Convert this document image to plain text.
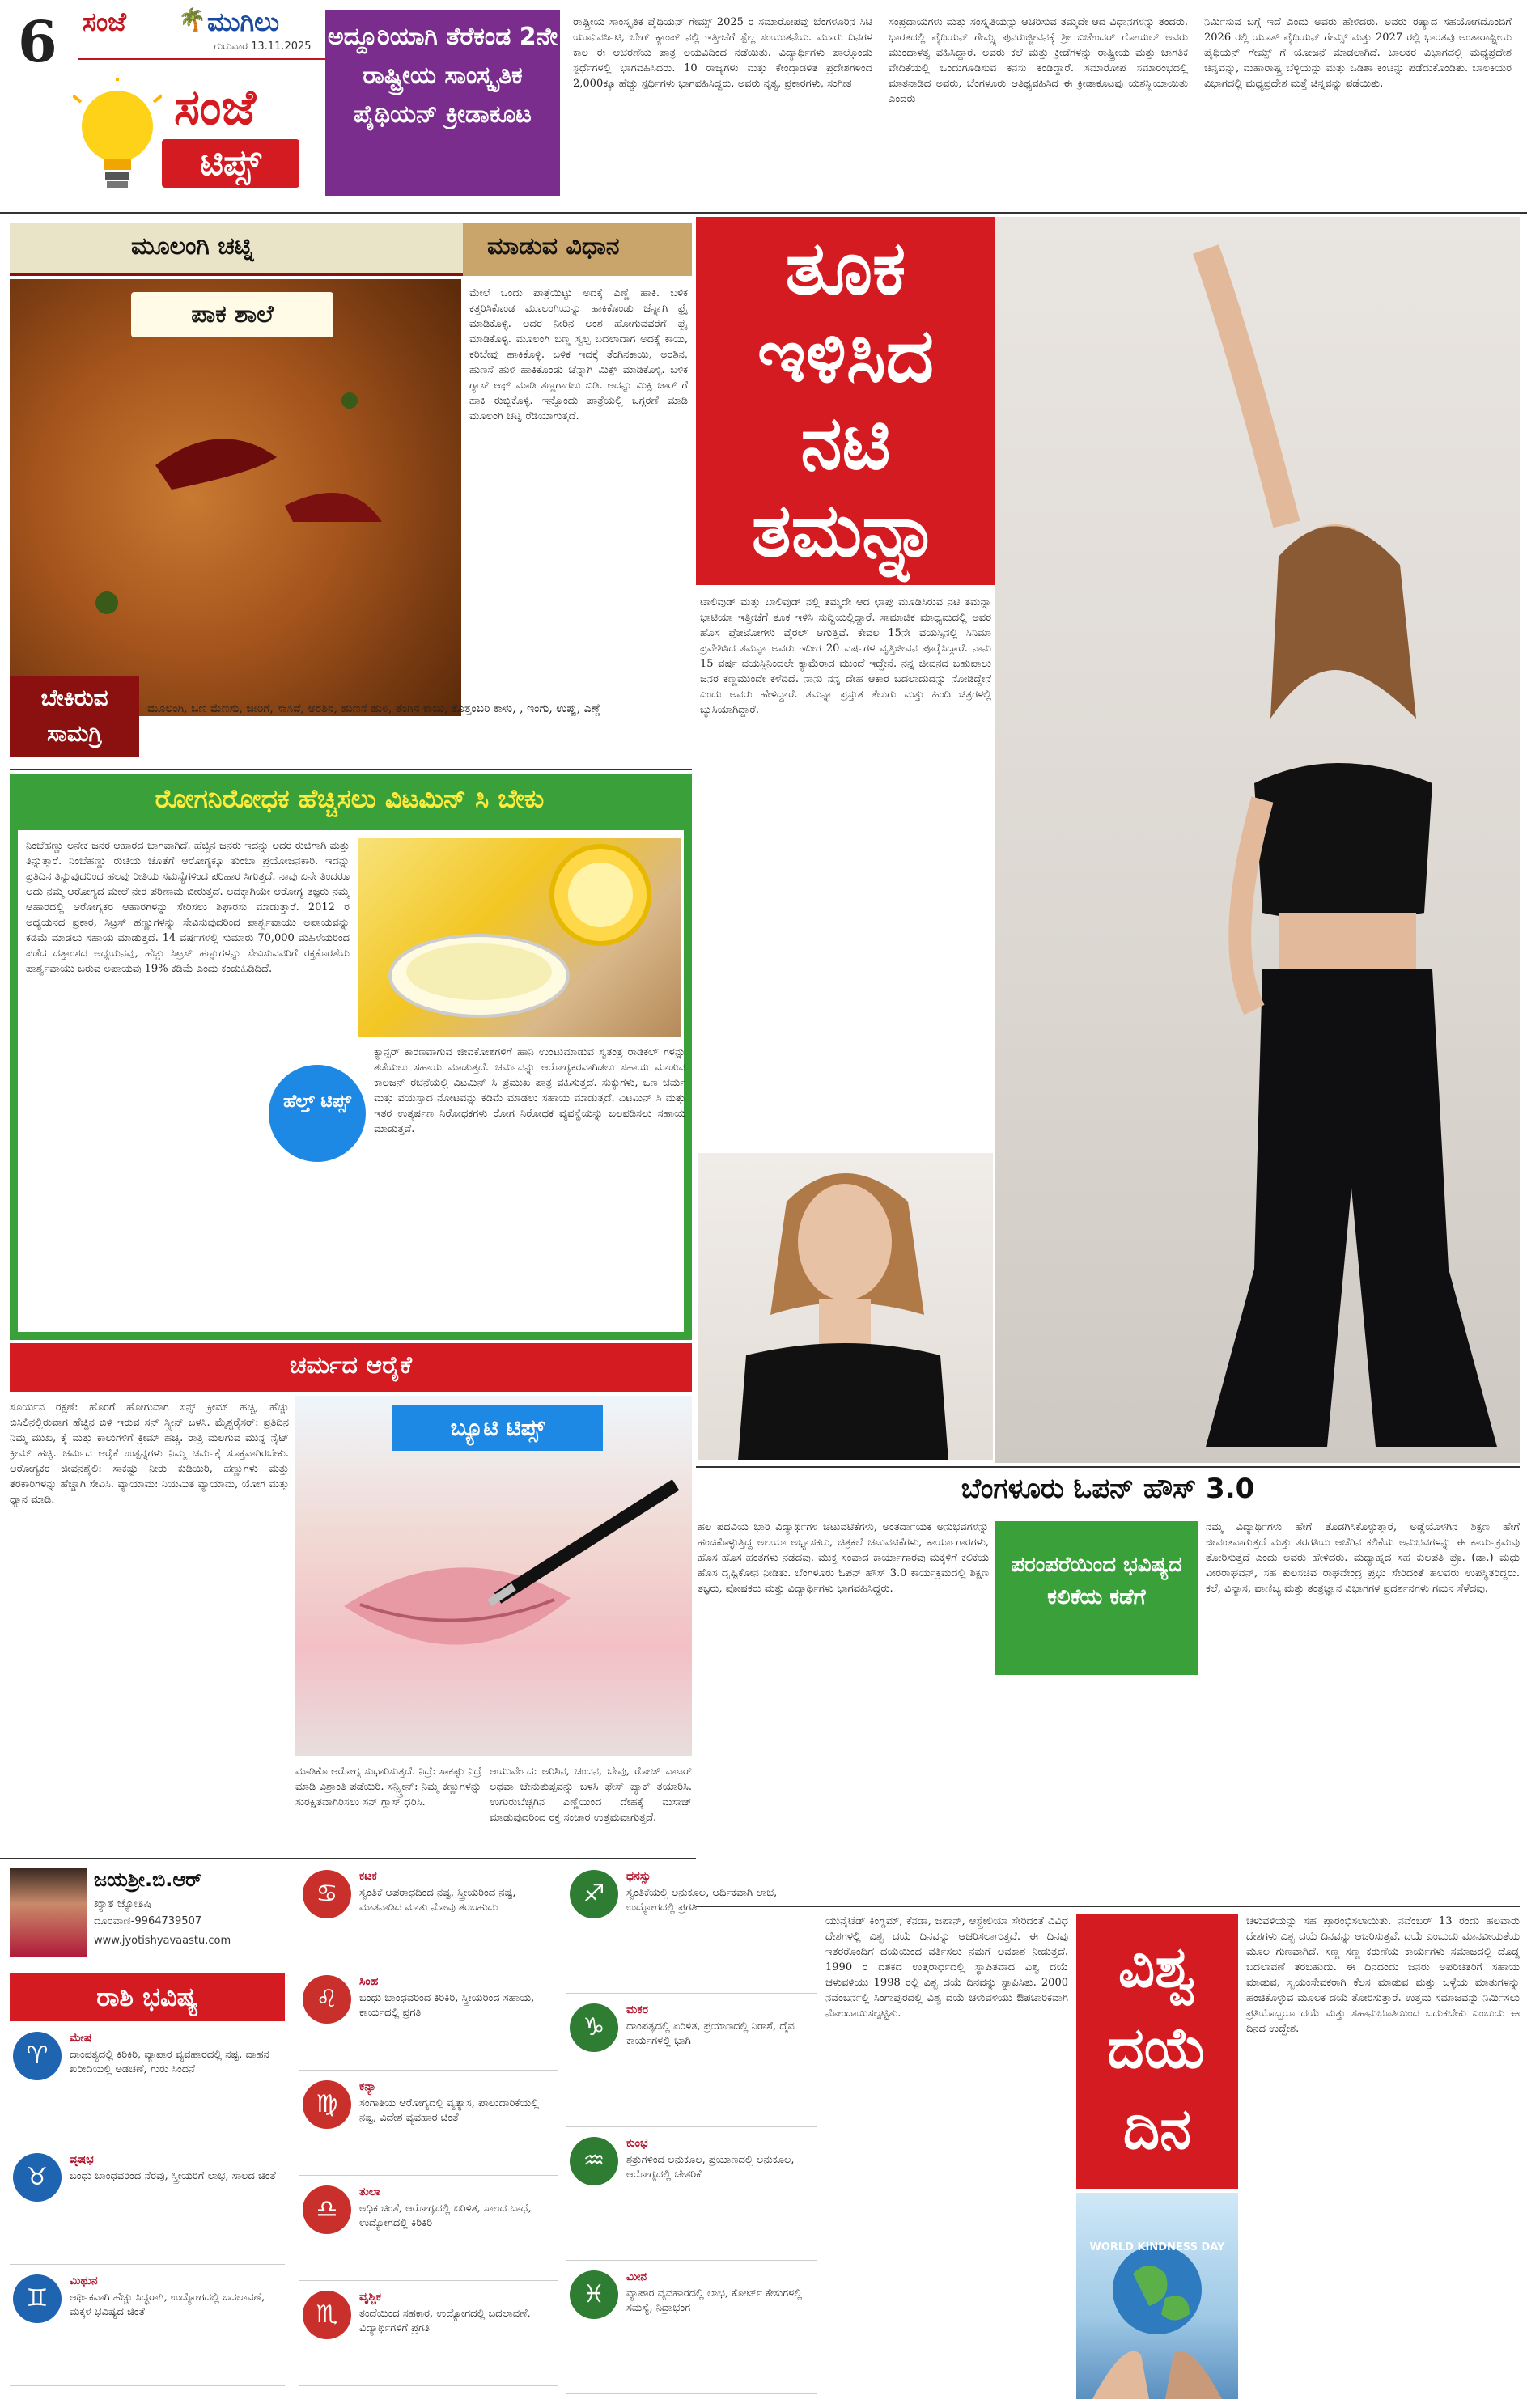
6 ಸಂಜೆ 🌴 ಮುಗಿಲು
ಗುರುವಾರ 13.11.2025
ಸಂಜೆ
ಟಿಪ್ಸ್
ಅದ್ದೂರಿಯಾಗಿ ತೆರೆಕಂಡ 2ನೇ ರಾಷ್ಟ್ರೀಯ ಸಾಂಸ್ಕೃತಿಕ ಪೈಥಿಯನ್ ಕ್ರೀಡಾಕೂಟ
ರಾಷ್ಟ್ರೀಯ ಸಾಂಸ್ಕೃತಿಕ ಪೈಥಿಯನ್ ಗೇಮ್ಸ್ 2025 ರ ಸಮಾರೋಪವು ಬೆಂಗಳೂರಿನ ಸಿಟಿ ಯೂನಿವರ್ಸಿಟಿ, ಬೇಗ್ ಕ್ಯಾಂಪ್ ನಲ್ಲಿ ಇತ್ತೀಚೆಗೆ ಸ್ಪೆಲ್ಲ ಸಂಯುತನೆಯ. ಮೂರು ದಿನಗಳ ಕಾಲ ಈ ಆಚರಣೆಯ ಪಾತ್ರ ಲಯವಿದಿಂದ ನಡೆಯಿತು. ವಿದ್ಯಾರ್ಥಿಗಳು ಪಾಲ್ಗೊಂಡು ಸ್ಪರ್ಧೆಗಳಲ್ಲಿ ಭಾಗವಹಿಸಿದರು. 10 ರಾಜ್ಯಗಳು ಮತ್ತು ಕೇಂದ್ರಾಡಳಿತ ಪ್ರದೇಶಗಳಿಂದ 2,000ಕ್ಕೂ ಹೆಚ್ಚು ಸ್ಪರ್ಧಿಗಳು ಭಾಗವಹಿಸಿದ್ದರು, ಅವರು ನೃತ್ಯ, ಪ್ರಕಾರಗಳು, ಸಂಗೀತ
ಸಂಪ್ರದಾಯಗಳು ಮತ್ತು ಸಂಸ್ಕೃತಿಯನ್ನು ಆಚರಿಸುವ ತಮ್ಮದೇ ಆದ ವಿಧಾನಗಳನ್ನು ತಂದರು. ಭಾರತದಲ್ಲಿ ಪೈಥಿಯನ್ ಗೇಮ್ಸ್ನ ಪುನರುಜ್ಜೀವನಕ್ಕೆ ಶ್ರೀ ಬಿಜೇಂದರ್ ಗೋಯಲ್ ಅವರು ಮುಂದಾಳತ್ವ ವಹಿಸಿದ್ದಾರೆ. ಅವರು ಕಲೆ ಮತ್ತು ಕ್ರೀಡೆಗಳನ್ನು ರಾಷ್ಟ್ರೀಯ ಮತ್ತು ಜಾಗತಿಕ ವೇದಿಕೆಯಲ್ಲಿ ಒಂದುಗೂಡಿಸುವ ಕನಸು ಕಂಡಿದ್ದಾರೆ. ಸಮಾರೋಪ ಸಮಾರಂಭದಲ್ಲಿ ಮಾತನಾಡಿದ ಅವರು, ಬೆಂಗಳೂರು ಆತಿಥ್ಯವಹಿಸಿದ ಈ ಕ್ರೀಡಾಕೂಟವು ಯಶಸ್ವಿಯಾಯಿತು ಎಂದರು
ನಿರ್ಮಿಸುವ ಬಗ್ಗೆ ಇದೆ ಎಂದು ಅವರು ಹೇಳಿದರು. ಅವರು ರಷ್ಯಾದ ಸಹಯೋಗದೊಂದಿಗೆ 2026 ರಲ್ಲಿ ಯೂತ್ ಪೈಥಿಯನ್ ಗೇಮ್ಸ್ ಮತ್ತು 2027 ರಲ್ಲಿ ಭಾರತವು ಅಂತಾರಾಷ್ಟ್ರೀಯ ಪೈಥಿಯನ್ ಗೇಮ್ಸ್ ಗೆ ಯೋಜನೆ ಮಾಡಲಾಗಿದೆ. ಬಾಲಕರ ವಿಭಾಗದಲ್ಲಿ ಮಧ್ಯಪ್ರದೇಶ ಚಿನ್ನವನ್ನು, ಮಹಾರಾಷ್ಟ್ರ ಬೆಳ್ಳಿಯನ್ನು ಮತ್ತು ಒಡಿಶಾ ಕಂಚನ್ನು ಪಡೆದುಕೊಂಡಿತು. ಬಾಲಕಿಯರ ವಿಭಾಗದಲ್ಲಿ ಮಧ್ಯಪ್ರದೇಶ ಮತ್ತೆ ಚಿನ್ನವನ್ನು ಪಡೆಯಿತು.
ಮೂಲಂಗಿ ಚಟ್ನಿ
ಪಾಕ ಶಾಲೆ
ಮಾಡುವ ವಿಧಾನ
ಮೇಲೆ ಒಂದು ಪಾತ್ರೆಯಿಟ್ಟು ಅದಕ್ಕೆ ಎಣ್ಣೆ ಹಾಕಿ. ಬಳಿಕ ಕತ್ತರಿಸಿಕೊಂಡ ಮೂಲಂಗಿಯನ್ನು ಹಾಕಿಕೊಂಡು ಚೆನ್ನಾಗಿ ಫ್ರೈ ಮಾಡಿಕೊಳ್ಳಿ. ಅದರ ನೀರಿನ ಅಂಶ ಹೋಗುವವರೆಗೆ ಫ್ರೈ ಮಾಡಿಕೊಳ್ಳಿ. ಮೂಲಂಗಿ ಬಣ್ಣ ಸ್ವಲ್ಪ ಬದಲಾದಾಗ ಅದಕ್ಕೆ ಕಾಯಿ, ಕರಿಬೇವು ಹಾಕಿಕೊಳ್ಳಿ. ಬಳಿಕ ಇದಕ್ಕೆ ತೆಂಗಿನಕಾಯಿ, ಅರಶಿನ, ಹುಣಸೆ ಹುಳಿ ಹಾಕಿಕೊಂಡು ಚೆನ್ನಾಗಿ ಮಿಕ್ಸ್ ಮಾಡಿಕೊಳ್ಳಿ. ಬಳಿಕ ಗ್ಯಾಸ್ ಆಫ್ ಮಾಡಿ ತಣ್ಣಗಾಗಲು ಬಿಡಿ. ಅದನ್ನು ಮಿಕ್ಸಿ ಜಾರ್ ಗೆ ಹಾಕಿ ರುಬ್ಬಿಕೊಳ್ಳಿ. ಇನ್ನೊಂದು ಪಾತ್ರೆಯಲ್ಲಿ ಒಗ್ಗರಣೆ ಮಾಡಿ ಮೂಲಂಗಿ ಚಟ್ನಿ ರೆಡಿಯಾಗುತ್ತದೆ.
ಬೇಕಿರುವ ಸಾಮಗ್ರಿ
ಮೂಲಂಗಿ, ಒಣ ಮೆಣಸು, ಜೀರಿಗೆ, ಸಾಸಿವೆ, ಅರಶಿನ, ಹುಣಸೆ ಹುಳಿ, ತೆಂಗಿನ ಕಾಯಿ, ಕೊತ್ತಂಬರಿ ಕಾಳು, , ಇಂಗು, ಉಪ್ಪು, ಎಣ್ಣೆ
ರೋಗನಿರೋಧಕ ಹೆಚ್ಚಿಸಲು ವಿಟಮಿನ್ ಸಿ ಬೇಕು
ನಿಂಬೆಹಣ್ಣು ಅನೇಕ ಜನರ ಆಹಾರದ ಭಾಗವಾಗಿದೆ. ಹೆಚ್ಚಿನ ಜನರು ಇದನ್ನು ಅದರ ರುಚಿಗಾಗಿ ಮತ್ತು ತಿನ್ನುತ್ತಾರೆ. ನಿಂಬೆಹಣ್ಣು ರುಚಿಯ ಜೊತೆಗೆ ಆರೋಗ್ಯಕ್ಕೂ ತುಂಬಾ ಪ್ರಯೋಜನಕಾರಿ. ಇದನ್ನು ಪ್ರತಿದಿನ ತಿನ್ನುವುದರಿಂದ ಹಲವು ರೀತಿಯ ಸಮಸ್ಯೆಗಳಿಂದ ಪರಿಹಾರ ಸಿಗುತ್ತದೆ. ನಾವು ಏನೇ ತಿಂದರೂ ಅದು ನಮ್ಮ ಆರೋಗ್ಯದ ಮೇಲೆ ನೇರ ಪರಿಣಾಮ ಬೀರುತ್ತದೆ. ಅದಕ್ಕಾಗಿಯೇ ಆರೋಗ್ಯ ತಜ್ಞರು ನಮ್ಮ ಆಹಾರದಲ್ಲಿ ಆರೋಗ್ಯಕರ ಆಹಾರಗಳನ್ನು ಸೇರಿಸಲು ಶಿಫಾರಸು ಮಾಡುತ್ತಾರೆ. 2012 ರ ಅಧ್ಯಯನದ ಪ್ರಕಾರ, ಸಿಟ್ರಸ್ ಹಣ್ಣುಗಳನ್ನು ಸೇವಿಸುವುದರಿಂದ ಪಾರ್ಶ್ವವಾಯು ಅಪಾಯವನ್ನು ಕಡಿಮೆ ಮಾಡಲು ಸಹಾಯ ಮಾಡುತ್ತದೆ. 14 ವರ್ಷಗಳಲ್ಲಿ ಸುಮಾರು 70,000 ಮಹಿಳೆಯರಿಂದ ಪಡೆದ ದತ್ತಾಂಶದ ಅಧ್ಯಯನವು, ಹೆಚ್ಚು ಸಿಟ್ರಸ್ ಹಣ್ಣುಗಳನ್ನು ಸೇವಿಸುವವರಿಗೆ ರಕ್ತಕೊರತೆಯ ಪಾರ್ಶ್ವವಾಯು ಬರುವ ಅಪಾಯವು 19% ಕಡಿಮೆ ಎಂದು ಕಂಡುಹಿಡಿದಿದೆ.
ಹೆಲ್ತ್ ಟಿಪ್ಸ್
ಕ್ಯಾನ್ಸರ್ ಕಾರಣವಾಗುವ ಜೀವಕೋಶಗಳಿಗೆ ಹಾನಿ ಉಂಟುಮಾಡುವ ಸ್ವತಂತ್ರ ರಾಡಿಕಲ್ ಗಳನ್ನು ತಡೆಯಲು ಸಹಾಯ ಮಾಡುತ್ತದೆ. ಚರ್ಮವನ್ನು ಆರೋಗ್ಯಕರವಾಗಿಡಲು ಸಹಾಯ ಮಾಡುವ ಕಾಲಜನ್ ರಚನೆಯಲ್ಲಿ ವಿಟಮಿನ್ ಸಿ ಪ್ರಮುಖ ಪಾತ್ರ ವಹಿಸುತ್ತದೆ. ಸುಕ್ಕುಗಳು, ಒಣ ಚರ್ಮ ಮತ್ತು ವಯಸ್ಸಾದ ನೋಟವನ್ನು ಕಡಿಮೆ ಮಾಡಲು ಸಹಾಯ ಮಾಡುತ್ತದೆ. ವಿಟಮಿನ್ ಸಿ ಮತ್ತು ಇತರ ಉತ್ಕರ್ಷಣ ನಿರೋಧಕಗಳು ರೋಗ ನಿರೋಧಕ ವ್ಯವಸ್ಥೆಯನ್ನು ಬಲಪಡಿಸಲು ಸಹಾಯ ಮಾಡುತ್ತವೆ.
ಚರ್ಮದ ಆರೈಕೆ
ಸೂರ್ಯನ ರಕ್ಷಣೆ: ಹೊರಗೆ ಹೋಗುವಾಗ ಸನ್ಸ್ ಕ್ರೀಮ್ ಹಚ್ಚಿ, ಹೆಚ್ಚು ಬಿಸಿಲಿನಲ್ಲಿರುವಾಗ ಹೆಚ್ಚಿನ ಬಿಳಿ ಇರುವ ಸನ್ ಸ್ಕ್ರೀನ್ ಬಳಸಿ. ಮೈಶ್ಚರೈಸರ್: ಪ್ರತಿದಿನ ನಿಮ್ಮ ಮುಖ, ಕೈ ಮತ್ತು ಕಾಲುಗಳಿಗೆ ಕ್ರೀಮ್ ಹಚ್ಚಿ. ರಾತ್ರಿ ಮಲಗುವ ಮುನ್ನ ನೈಟ್ ಕ್ರೀಮ್ ಹಚ್ಚಿ. ಚರ್ಮದ ಆರೈಕೆ ಉತ್ಪನ್ನಗಳು ನಿಮ್ಮ ಚರ್ಮಕ್ಕೆ ಸೂಕ್ತವಾಗಿರಬೇಕು. ಆರೋಗ್ಯಕರ ಜೀವನಶೈಲಿ: ಸಾಕಷ್ಟು ನೀರು ಕುಡಿಯಿರಿ, ಹಣ್ಣುಗಳು ಮತ್ತು ತರಕಾರಿಗಳನ್ನು ಹೆಚ್ಚಾಗಿ ಸೇವಿಸಿ. ವ್ಯಾಯಾಮ: ನಿಯಮಿತ ವ್ಯಾಯಾಮ, ಯೋಗ ಮತ್ತು ಧ್ಯಾನ ಮಾಡಿ.
ಬ್ಯೂಟಿ ಟಿಪ್ಸ್
ಮಾಡಿಕೊ ಆರೋಗ್ಯ ಸುಧಾರಿಸುತ್ತದೆ. ನಿದ್ರೆ: ಸಾಕಷ್ಟು ನಿದ್ರೆ ಮಾಡಿ ವಿಶ್ರಾಂತಿ ಪಡೆಯಿರಿ. ಸನ್ಸ್ಕ್ರೀನ್: ನಿಮ್ಮ ಕಣ್ಣುಗಳನ್ನು ಸುರಕ್ಷಿತವಾಗಿರಿಸಲು ಸನ್ ಗ್ಲಾಸ್ ಧರಿಸಿ.
ಆಯುರ್ವೇದ: ಅರಿಶಿನ, ಚಂದನ, ಬೇವು, ರೋಜ್ ವಾಟರ್ ಅಥವಾ ಜೇನುತುಪ್ಪವನ್ನು ಬಳಸಿ ಫೇಸ್ ಪ್ಯಾಕ್ ತಯಾರಿಸಿ. ಉಗುರುಬೆಚ್ಚಗಿನ ಎಣ್ಣೆಯಿಂದ ದೇಹಕ್ಕೆ ಮಸಾಜ್ ಮಾಡುವುದರಿಂದ ರಕ್ತ ಸಂಚಾರ ಉತ್ತಮವಾಗುತ್ತದೆ.
ತೂಕ
ಇಳಿಸಿದ
ನಟಿ
ತಮನ್ನಾ
ಟಾಲಿವುಡ್ ಮತ್ತು ಬಾಲಿವುಡ್ ನಲ್ಲಿ ತಮ್ಮದೇ ಆದ ಛಾಪು ಮೂಡಿಸಿರುವ ನಟಿ ತಮನ್ನಾ ಭಾಟಿಯಾ ಇತ್ತೀಚೆಗೆ ತೂಕ ಇಳಿಸಿ ಸುದ್ದಿಯಲ್ಲಿದ್ದಾರೆ. ಸಾಮಾಜಿಕ ಮಾಧ್ಯಮದಲ್ಲಿ ಅವರ ಹೊಸ ಫೋಟೋಗಳು ವೈರಲ್ ಆಗುತ್ತಿವೆ. ಕೇವಲ 15ನೇ ವಯಸ್ಸಿನಲ್ಲಿ ಸಿನಿಮಾ ಪ್ರವೇಶಿಸಿದ ತಮನ್ನಾ ಅವರು ಇದೀಗ 20 ವರ್ಷಗಳ ವೃತ್ತಿಜೀವನ ಪೂರೈಸಿದ್ದಾರೆ. ನಾನು 15 ವರ್ಷ ವಯಸ್ಸಿನಿಂದಲೇ ಕ್ಯಾಮೆರಾದ ಮುಂದೆ ಇದ್ದೇನೆ. ನನ್ನ ಜೀವನದ ಬಹುಪಾಲು ಜನರ ಕಣ್ಣಮುಂದೇ ಕಳೆದಿದೆ. ನಾನು ನನ್ನ ದೇಹ ಆಕಾರ ಬದಲಾದುದನ್ನು ನೋಡಿದ್ದೇನೆ ಎಂದು ಅವರು ಹೇಳಿದ್ದಾರೆ. ತಮನ್ನಾ ಪ್ರಸ್ತುತ ತೆಲುಗು ಮತ್ತು ಹಿಂದಿ ಚಿತ್ರಗಳಲ್ಲಿ ಬ್ಯುಸಿಯಾಗಿದ್ದಾರೆ.
ಬೆಂಗಳೂರು ಓಪನ್ ಹೌಸ್ 3.0
ಹಲ ಪದವಿಯ ಭಾರಿ ವಿದ್ಯಾರ್ಥಿಗಳ ಚಟುವಟಿಕೆಗಳು, ಅಂತರ್ದಾಯಕ ಅನುಭವಗಳನ್ನು ಹಂಚಿಕೊಳ್ಳುತ್ತಿದ್ದ ಅಲಯಾ ಅಭ್ಯಾಸಕರು, ಚಿತ್ರಕಲೆ ಚಟುವಟಿಕೆಗಳು, ಕಾರ್ಯಾಗಾರಗಳು, ಹೊಸ ಹೊಸ ಹಂತಗಳು ನಡೆದವು. ಮುಕ್ತ ಸಂವಾದ ಕಾರ್ಯಾಗಾರವು ಮಕ್ಕಳಿಗೆ ಕಲಿಕೆಯ ಹೊಸ ದೃಷ್ಟಿಕೋನ ನೀಡಿತು. ಬೆಂಗಳೂರು ಓಪನ್ ಹೌಸ್ 3.0 ಕಾರ್ಯಕ್ರಮದಲ್ಲಿ ಶಿಕ್ಷಣ ತಜ್ಞರು, ಪೋಷಕರು ಮತ್ತು ವಿದ್ಯಾರ್ಥಿಗಳು ಭಾಗವಹಿಸಿದ್ದರು.
ಪರಂಪರೆಯಿಂದ ಭವಿಷ್ಯದ ಕಲಿಕೆಯ ಕಡೆಗೆ
ನಮ್ಮ ವಿದ್ಯಾರ್ಥಿಗಳು ಹೇಗೆ ತೊಡಗಿಸಿಕೊಳ್ಳುತ್ತಾರೆ, ಅಡ್ಡೆಯೊಳಗಿನ ಶಿಕ್ಷಣ ಹೇಗೆ ಜೀವಂತವಾಗುತ್ತದೆ ಮತ್ತು ತರಗತಿಯ ಆಚೆಗಿನ ಕಲಿಕೆಯ ಅನುಭವಗಳನ್ನು ಈ ಕಾರ್ಯಕ್ರಮವು ತೋರಿಸುತ್ತದೆ ಎಂದು ಅವರು ಹೇಳಿದರು. ಮಧ್ಯಾಹ್ನದ ಸಹ ಕುಲಪತಿ ಪ್ರೊ. (ಡಾ.) ಮಧು ವೀರರಾಘವನ್, ಸಹ ಕುಲಸಚಿವ ರಾಘವೇಂದ್ರ ಪ್ರಭು ಸೇರಿದಂತೆ ಹಲವರು ಉಪಸ್ಥಿತರಿದ್ದರು. ಕಲೆ, ವಿನ್ಯಾಸ, ವಾಣಿಜ್ಯ ಮತ್ತು ತಂತ್ರಜ್ಞಾನ ವಿಭಾಗಗಳ ಪ್ರದರ್ಶನಗಳು ಗಮನ ಸೆಳೆದವು.
ಜಯಶ್ರೀ.ಬಿ.ಆರ್
ಖ್ಯಾತ ಜ್ಯೋತಿಷಿ
ದೂರವಾಣಿ-9964739507
www.jyotishyavaastu.com
ರಾಶಿ ಭವಿಷ್ಯ
♈
ಮೇಷ
ದಾಂಪತ್ಯದಲ್ಲಿ ಕಿರಿಕಿರಿ, ವ್ಯಾಪಾರ ವ್ಯವಹಾರದಲ್ಲಿ ನಷ್ಟ, ವಾಹನ ಖರೀದಿಯಲ್ಲಿ ಅಡಚಣೆ, ಗುರು ಸಿಂದನೆ
♉
ವೃಷಭ
ಬಂಧು ಬಾಂಧವರಿಂದ ನೆರವು, ಸ್ತ್ರೀಯರಿಗೆ ಲಾಭ, ಸಾಲದ ಚಿಂತೆ
♊
ಮಿಥುನ
ಆರ್ಥಿಕವಾಗಿ ಹೆಚ್ಚು ಸಿದ್ಧರಾಗಿ, ಉದ್ಯೋಗದಲ್ಲಿ ಬದಲಾವಣೆ, ಮಕ್ಕಳ ಭವಿಷ್ಯದ ಚಿಂತೆ
♋
ಕಟಕ
ಸ್ವಂತಿಕೆ ಆಪರಾಧದಿಂದ ನಷ್ಟ, ಸ್ತ್ರೀಯರಿಂದ ನಷ್ಟ, ಮಾತನಾಡಿದ ಮಾತು ನೋವು ತರಬಹುದು
♌
ಸಿಂಹ
ಬಂಧು ಬಾಂಧವರಿಂದ ಕಿರಿಕಿರಿ, ಸ್ತ್ರೀಯರಿಂದ ಸಹಾಯ, ಕಾರ್ಯದಲ್ಲಿ ಪ್ರಗತಿ
♍
ಕನ್ಯಾ
ಸಂಗಾತಿಯ ಆರೋಗ್ಯದಲ್ಲಿ ವ್ಯತ್ಯಾಸ, ಪಾಲುದಾರಿಕೆಯಲ್ಲಿ ನಷ್ಟ, ವಿದೇಶ ವ್ಯವಹಾರ ಚಿಂತೆ
♎
ತುಲಾ
ಅಧಿಕ ಚಿಂತೆ, ಆರೋಗ್ಯದಲ್ಲಿ ಏರಿಳಿತ, ಸಾಲದ ಬಾಧೆ, ಉದ್ಯೋಗದಲ್ಲಿ ಕಿರಿಕಿರಿ
♏
ವೃಶ್ಚಿಕ
ತಂದೆಯಿಂದ ಸಹಕಾರ, ಉದ್ಯೋಗದಲ್ಲಿ ಬದಲಾವಣೆ, ವಿದ್ಯಾರ್ಥಿಗಳಿಗೆ ಪ್ರಗತಿ
♐
ಧನಸ್ಸು
ಸ್ವಂತಿಕೆಯಲ್ಲಿ ಅನುಕೂಲ, ಆರ್ಥಿಕವಾಗಿ ಲಾಭ, ಉದ್ಯೋಗದಲ್ಲಿ ಪ್ರಗತಿ
♑
ಮಕರ
ದಾಂಪತ್ಯದಲ್ಲಿ ಏರಿಳಿತ, ಪ್ರಯಾಣದಲ್ಲಿ ನಿರಾಶೆ, ದೈವ ಕಾರ್ಯಗಳಲ್ಲಿ ಭಾಗಿ
♒
ಕುಂಭ
ಶತ್ರುಗಳಿಂದ ಅನುಕೂಲ, ಪ್ರಯಾಣದಲ್ಲಿ ಅನುಕೂಲ, ಆರೋಗ್ಯದಲ್ಲಿ ಚೇತರಿಕೆ
♓
ಮೀನ
ವ್ಯಾಪಾರ ವ್ಯವಹಾರದಲ್ಲಿ ಲಾಭ, ಕೋರ್ಟ್ ಕೇಸುಗಳಲ್ಲಿ ಸಮಸ್ಯೆ, ನಿದ್ರಾಭಂಗ
ಯುನೈಟೆಡ್ ಕಿಂಗ್ಡಮ್, ಕೆನಡಾ, ಜಪಾನ್, ಆಸ್ಟ್ರೇಲಿಯಾ ಸೇರಿದಂತೆ ವಿವಿಧ ದೇಶಗಳಲ್ಲಿ ವಿಶ್ವ ದಯೆ ದಿನವನ್ನು ಆಚರಿಸಲಾಗುತ್ತದೆ. ಈ ದಿನವು ಇತರರೊಂದಿಗೆ ದಯೆಯಿಂದ ವರ್ತಿಸಲು ನಮಗೆ ಅವಕಾಶ ನೀಡುತ್ತದೆ. 1990 ರ ದಶಕದ ಉತ್ತರಾರ್ಧದಲ್ಲಿ ಸ್ಥಾಪಿತವಾದ ವಿಶ್ವ ದಯೆ ಚಳುವಳಿಯು 1998 ರಲ್ಲಿ ವಿಶ್ವ ದಯೆ ದಿನವನ್ನು ಸ್ಥಾಪಿಸಿತು. 2000 ನವೆಂಬರ್ನಲ್ಲಿ ಸಿಂಗಾಪುರದಲ್ಲಿ ವಿಶ್ವ ದಯೆ ಚಳುವಳಿಯು ಔಪಚಾರಿಕವಾಗಿ ನೋಂದಾಯಿಸಲ್ಪಟ್ಟಿತು.
ವಿಶ್ವ
ದಯೆ
ದಿನ
WORLD KINDNESS DAY
ಚಳುವಳಿಯನ್ನು ಸಹ ಪ್ರಾರಂಭಿಸಲಾಯಿತು. ನವೆಂಬರ್ 13 ರಂದು ಹಲವಾರು ದೇಶಗಳು ವಿಶ್ವ ದಯೆ ದಿನವನ್ನು ಆಚರಿಸುತ್ತವೆ. ದಯೆ ಎಂಬುದು ಮಾನವೀಯತೆಯ ಮೂಲ ಗುಣವಾಗಿದೆ. ಸಣ್ಣ ಸಣ್ಣ ಕರುಣೆಯ ಕಾರ್ಯಗಳು ಸಮಾಜದಲ್ಲಿ ದೊಡ್ಡ ಬದಲಾವಣೆ ತರಬಹುದು. ಈ ದಿನದಂದು ಜನರು ಅಪರಿಚಿತರಿಗೆ ಸಹಾಯ ಮಾಡುವ, ಸ್ವಯಂಸೇವಕರಾಗಿ ಕೆಲಸ ಮಾಡುವ ಮತ್ತು ಒಳ್ಳೆಯ ಮಾತುಗಳನ್ನು ಹಂಚಿಕೊಳ್ಳುವ ಮೂಲಕ ದಯೆ ತೋರಿಸುತ್ತಾರೆ. ಉತ್ತಮ ಸಮಾಜವನ್ನು ನಿರ್ಮಿಸಲು ಪ್ರತಿಯೊಬ್ಬರೂ ದಯೆ ಮತ್ತು ಸಹಾನುಭೂತಿಯಿಂದ ಬದುಕಬೇಕು ಎಂಬುದು ಈ ದಿನದ ಉದ್ದೇಶ.
